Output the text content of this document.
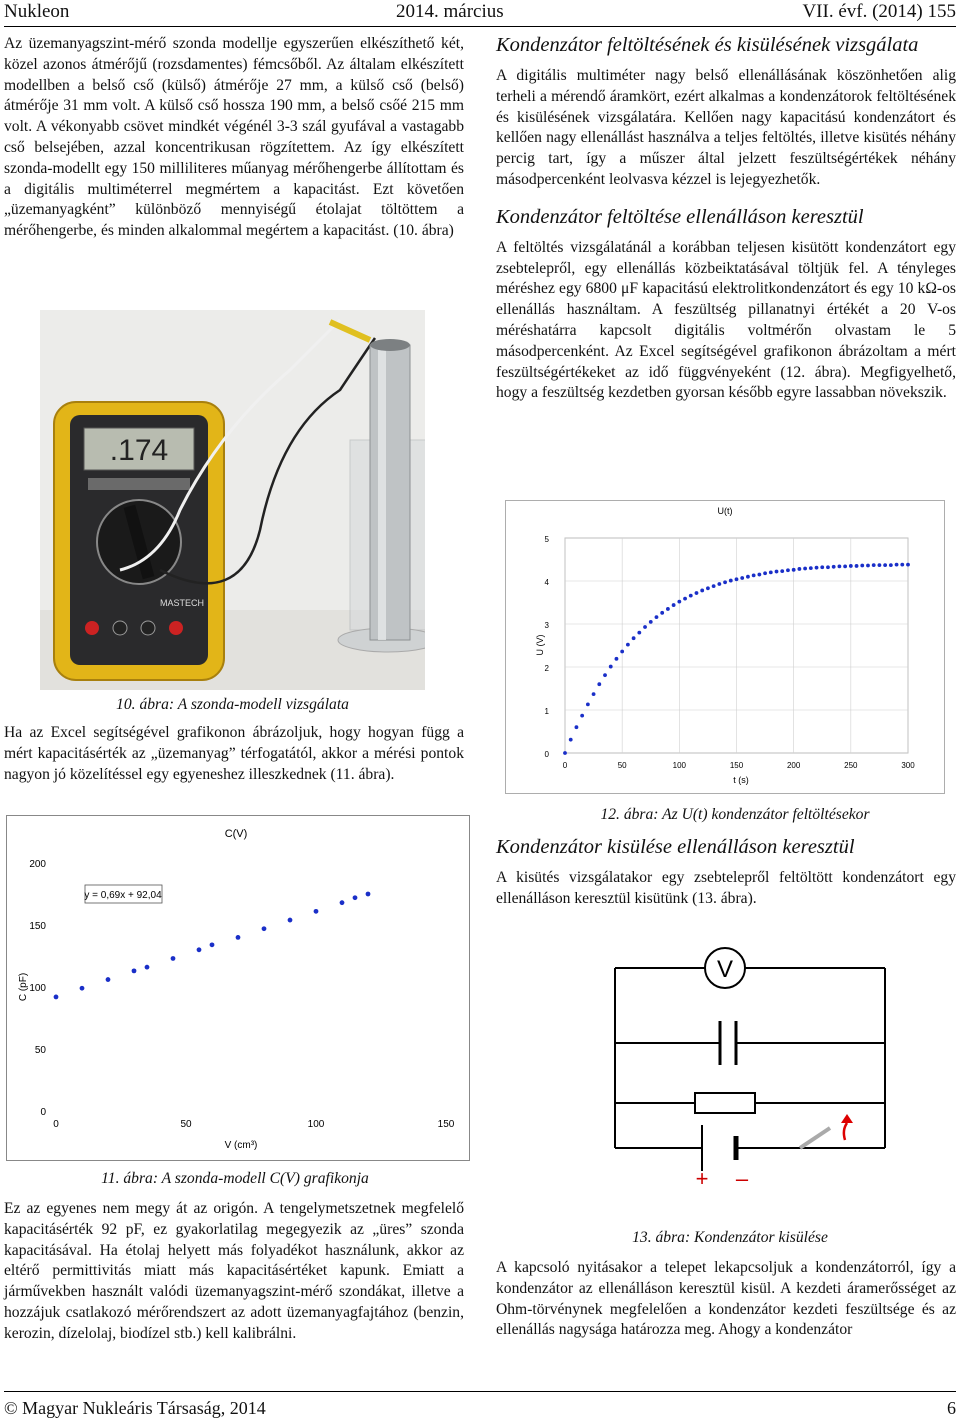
Nukleon	2014. március	VII. évf. (2014) 155

Az üzemanyagszint-mérő szonda modellje egyszerűen elkészíthető két, közel azonos átmérőjű (rozsdamentes) fémcsőből. Az általam elkészített modellben a belső cső (külső) átmérője 27 mm, a külső cső (belső) átmérője 31 mm volt. A külső cső hossza 190 mm, a belső csőé 215 mm volt. A vékonyabb csövet mindkét végénél 3-3 szál gyufával a vastagabb cső belsejében, azzal koncentrikusan rögzítettem. Az így elkészített szonda-modellt egy 150 milliliteres műanyag mérőhengerbe állítottam és a digitális multiméterrel megmértem a kapacitást. Ezt követően „üzemanyagként” különböző mennyiségű étolajat töltöttem a mérőhengerbe, és minden alkalommal megértem a kapacitást. (10. ábra)

.174
MASTECH
10. ábra: A szonda-modell vizsgálata

Ha az Excel segítségével grafikonon ábrázoljuk, hogy hogyan függ a mért kapacitásérték az „üzemanyag” térfogatától, akkor a mérési pontok nagyon jó közelítéssel egy egyeneshez illeszkednek (11. ábra).

C(V)
C (pF)
V (cm³)
0	50	100	150
0
50
100
150
200
y = 0,69x + 92,04
11. ábra: A szonda-modell C(V) grafikonja

Ez az egyenes nem megy át az origón. A tengelymetszetnek megfelelő kapacitásérték 92 pF, ez gyakorlatilag megegyezik az „üres” szonda kapacitásával. Ha étolaj helyett más folyadékot használunk, akkor az eltérő permittivitás miatt más kapacitásértéket kapunk. Emiatt a járművekben használt valódi üzemanyagszint-mérő szondákat, illetve a hozzájuk csatlakozó mérőrendszert az adott üzemanyagfajtához (benzin, kerozin, dízelolaj, biodízel stb.) kell kalibrálni.

Kondenzátor feltöltésének és kisülésének vizsgálata

A digitális multiméter nagy belső ellenállásának köszönhetően alig terheli a mérendő áramkört, ezért alkalmas a kondenzátorok feltöltésének és kisülésének vizsgálatára. Kellően nagy kapacitású kondenzátort és kellően nagy ellenállást használva a teljes feltöltés, illetve kisütés néhány percig tart, így a műszer által jelzett feszültségértékek néhány másodpercenként leolvasva kézzel is lejegyezhetők.

Kondenzátor feltöltése ellenálláson keresztül

A feltöltés vizsgálatánál a korábban teljesen kisütött kondenzátort egy zsebtelepről, egy ellenállás közbeiktatásával töltjük fel. A tényleges méréshez egy 6800 μF kapacitású elektrolitkondenzátort és egy 10 kΩ-os ellenállás használtam. A feszültség pillanatnyi értékét a 20 V-os méréshatárra kapcsolt digitális voltmérőn olvastam le 5 másodpercenként. Az Excel segítségével grafikonon ábrázoltam a mért feszültségértékeket az idő függvényeként (12. ábra). Megfigyelhető, hogy a feszültség kezdetben gyorsan később egyre lassabban növekszik.

U(t)
U (V)
t (s)
0	50	100	150	200	250	300
0
1
2
3
4
5
12. ábra: Az U(t) kondenzátor feltöltésekor
Kondenzátor kisülése ellenálláson keresztül

A kisütés vizsgálatakor egy zsebtelepről feltöltött kondenzátort egy ellenálláson keresztül kisütünk (13. ábra).

V
+ –
13. ábra: Kondenzátor kisülése

A kapcsoló nyitásakor a telepet lekapcsoljuk a kondenzátorról, így a kondenzátor az ellenálláson keresztül kisül. A kezdeti áramerősséget az Ohm-törvénynek megfelelően a kondenzátor kezdeti feszültsége és az ellenállás nagysága határozza meg. Ahogy a kondenzátor

© Magyar Nukleáris Társaság, 2014	6
